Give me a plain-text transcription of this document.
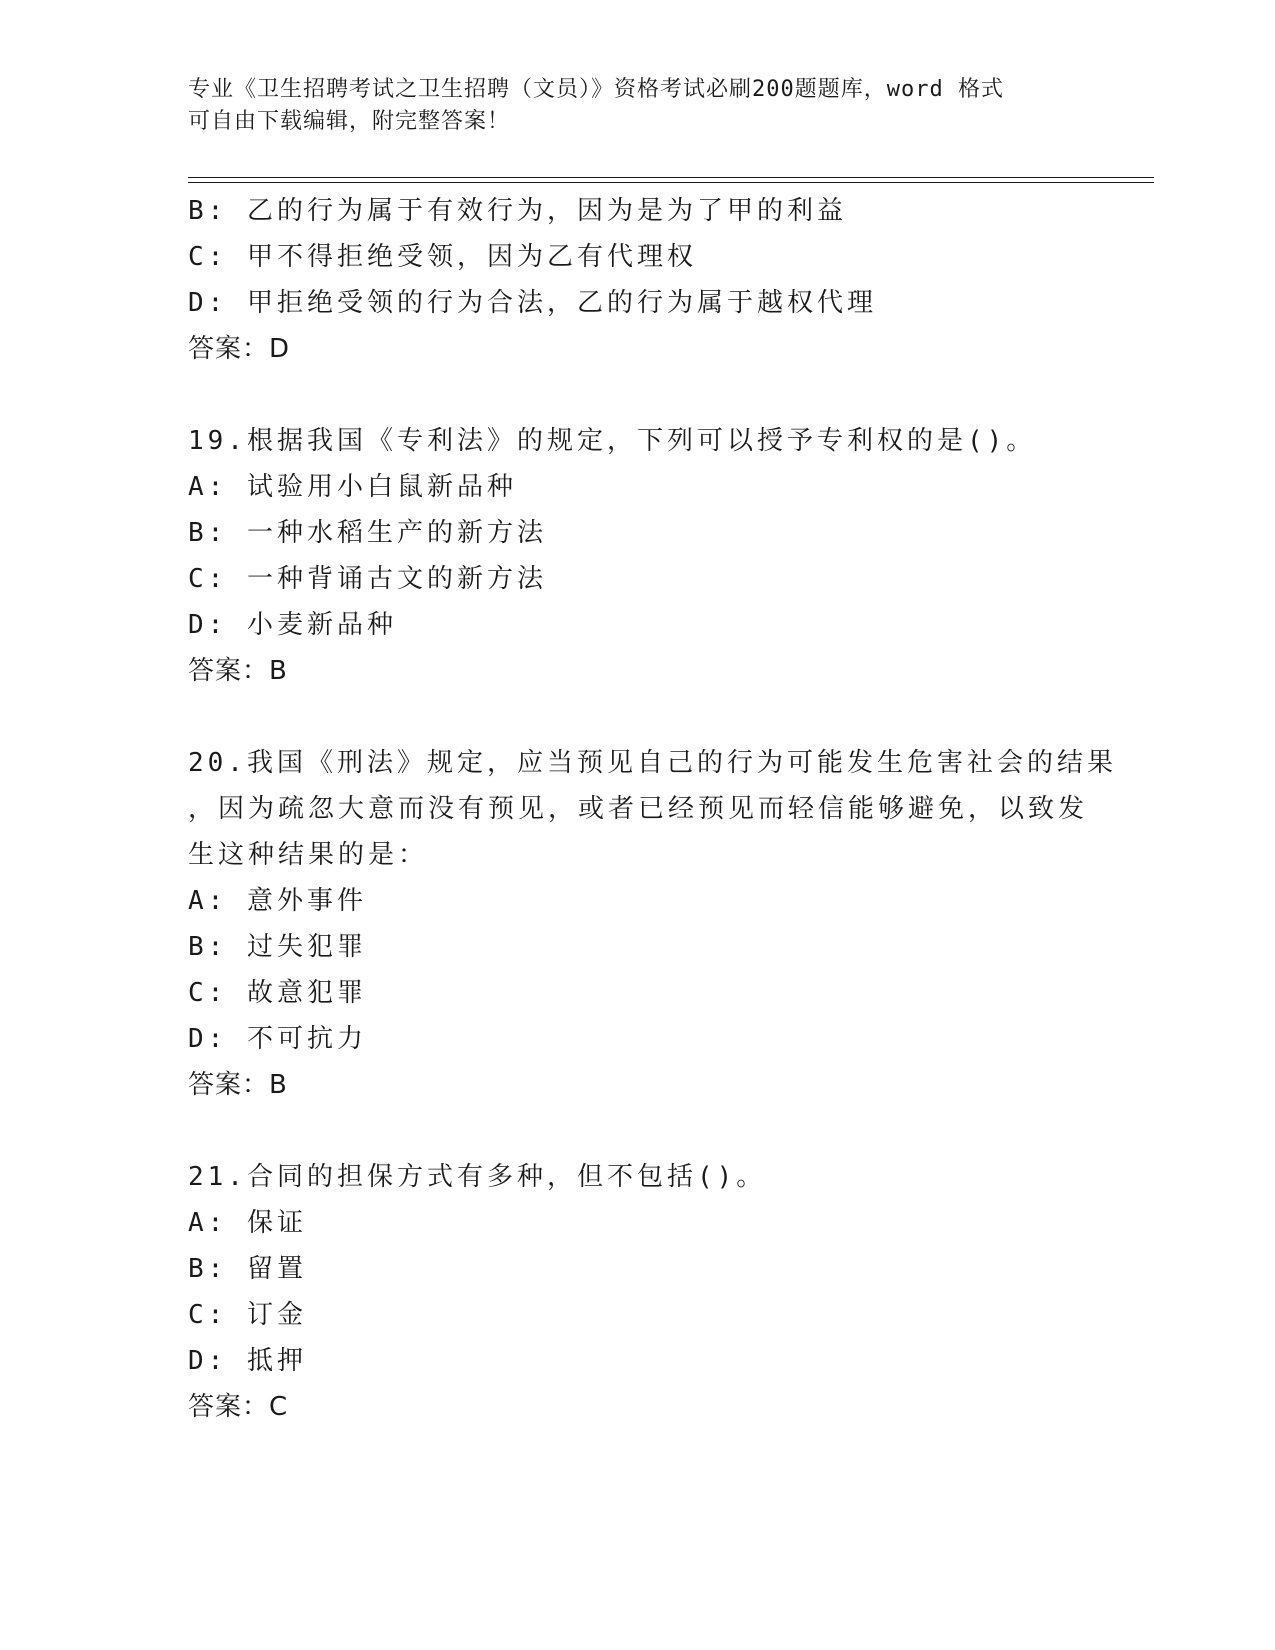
专业《卫生招聘考试之卫生招聘（文员）》资格考试必刷200题题库，word 格式
可自由下载编辑，附完整答案！
B: 乙的行为属于有效行为，因为是为了甲的利益
C: 甲不得拒绝受领，因为乙有代理权
D: 甲拒绝受领的行为合法，乙的行为属于越权代理
答案：D
19.根据我国《专利法》的规定，下列可以授予专利权的是()。
A: 试验用小白鼠新品种
B: 一种水稻生产的新方法
C: 一种背诵古文的新方法
D: 小麦新品种
答案：B
20.我国《刑法》规定，应当预见自己的行为可能发生危害社会的结果
，因为疏忽大意而没有预见，或者已经预见而轻信能够避免，以致发
生这种结果的是：
A: 意外事件
B: 过失犯罪
C: 故意犯罪
D: 不可抗力
答案：B
21.合同的担保方式有多种，但不包括()。
A: 保证
B: 留置
C: 订金
D: 抵押
答案：C
